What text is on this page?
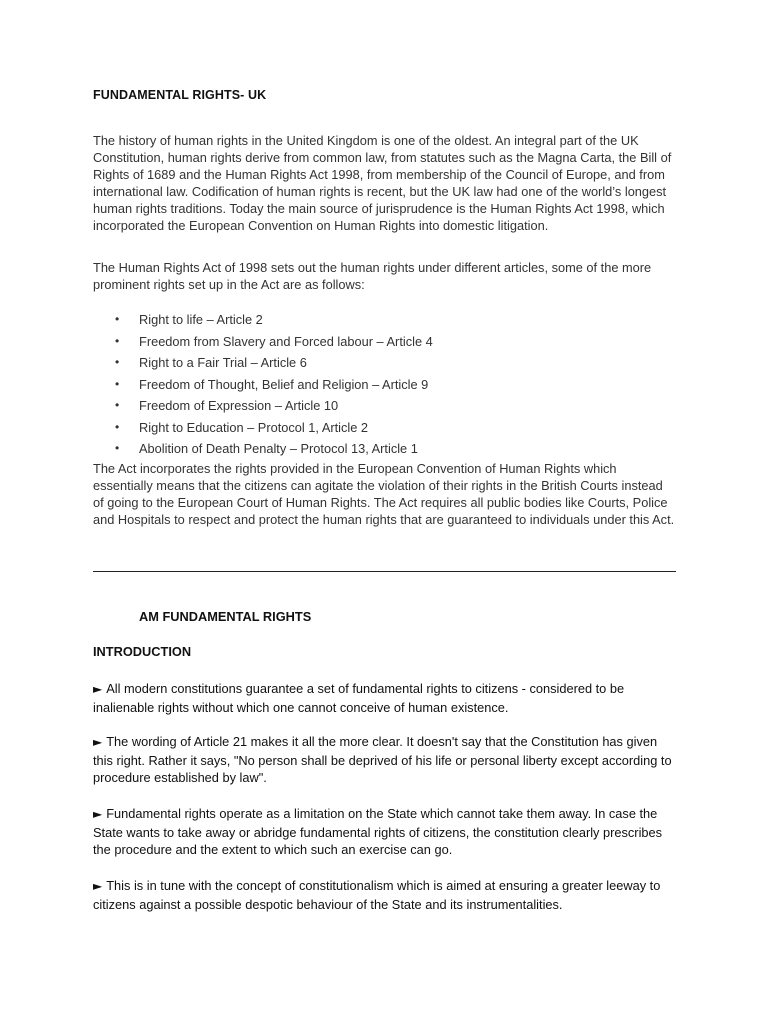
FUNDAMENTAL RIGHTS- UK

The history of human rights in the United Kingdom is one of the oldest. An integral part of the UK Constitution, human rights derive from common law, from statutes such as the Magna Carta, the Bill of Rights of 1689 and the Human Rights Act 1998, from membership of the Council of Europe, and from international law. Codification of human rights is recent, but the UK law had one of the world’s longest human rights traditions. Today the main source of jurisprudence is the Human Rights Act 1998, which incorporated the European Convention on Human Rights into domestic litigation.

The Human Rights Act of 1998 sets out the human rights under different articles, some of the more prominent rights set up in the Act are as follows:

• Right to life – Article 2
• Freedom from Slavery and Forced labour – Article 4
• Right to a Fair Trial – Article 6
• Freedom of Thought, Belief and Religion – Article 9
• Freedom of Expression – Article 10
• Right to Education – Protocol 1, Article 2
• Abolition of Death Penalty – Protocol 13, Article 1

The Act incorporates the rights provided in the European Convention of Human Rights which essentially means that the citizens can agitate the violation of their rights in the British Courts instead of going to the European Court of Human Rights. The Act requires all public bodies like Courts, Police and Hospitals to respect and protect the human rights that are guaranteed to individuals under this Act.

AM FUNDAMENTAL RIGHTS
INTRODUCTION

► All modern constitutions guarantee a set of fundamental rights to citizens - considered to be inalienable rights without which one cannot conceive of human existence.

► The wording of Article 21 makes it all the more clear. It doesn't say that the Constitution has given this right. Rather it says, "No person shall be deprived of his life or personal liberty except according to procedure established by law".

► Fundamental rights operate as a limitation on the State which cannot take them away. In case the State wants to take away or abridge fundamental rights of citizens, the constitution clearly prescribes the procedure and the extent to which such an exercise can go.

► This is in tune with the concept of constitutionalism which is aimed at ensuring a greater leeway to citizens against a possible despotic behaviour of the State and its instrumentalities.
